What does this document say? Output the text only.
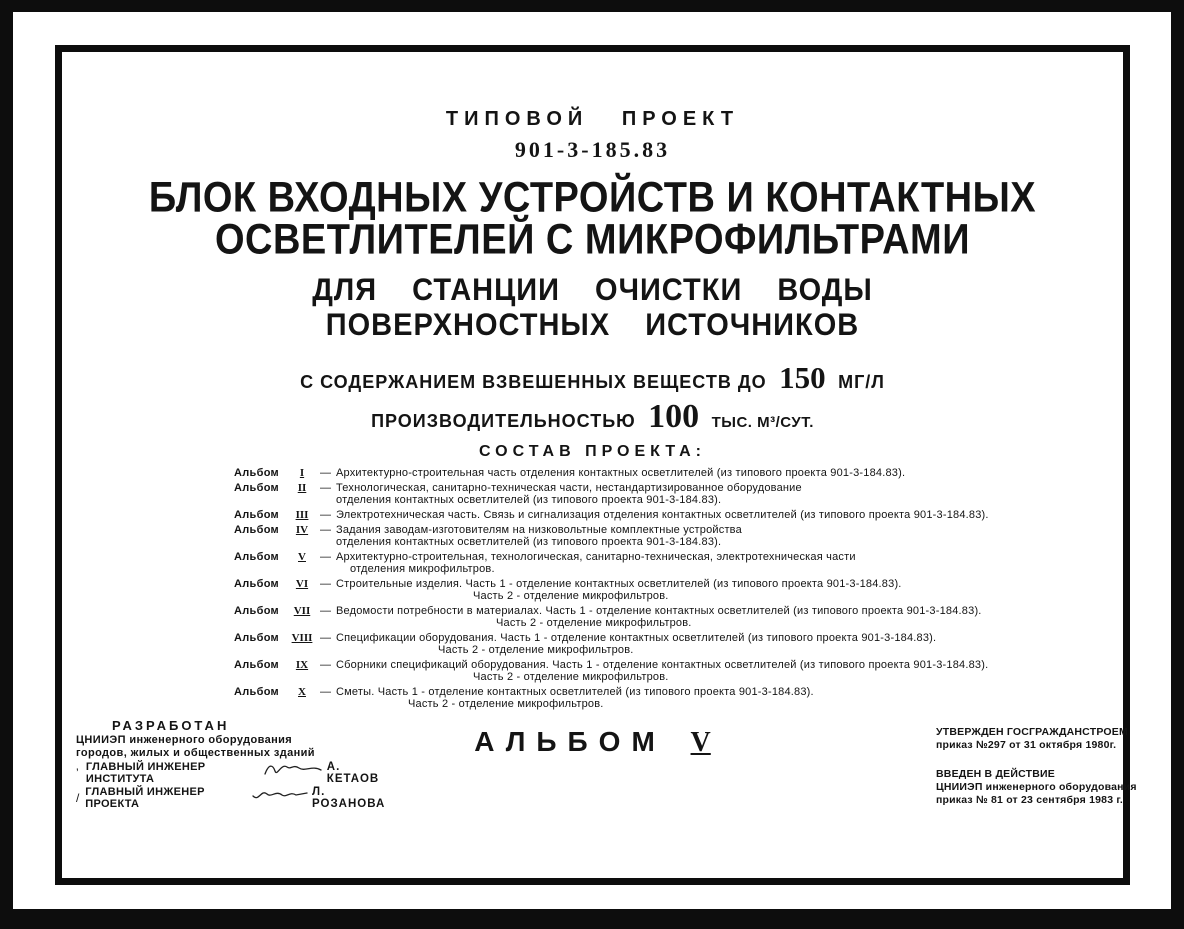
ТИПОВОЙ ПРОЕКТ
901-3-185.83
БЛОК ВХОДНЫХ УСТРОЙСТВ И КОНТАКТНЫХ
ОСВЕТЛИТЕЛЕЙ С МИКРОФИЛЬТРАМИ
ДЛЯ СТАНЦИИ ОЧИСТКИ ВОДЫ
ПОВЕРХНОСТНЫХ ИСТОЧНИКОВ
С СОДЕРЖАНИЕМ ВЗВЕШЕННЫХ ВЕЩЕСТВ ДО 150 МГ/Л
ПРОИЗВОДИТЕЛЬНОСТЬЮ 100 ТЫС. М³/СУТ.
СОСТАВ ПРОЕКТА:
Альбом	I	— Архитектурно-строительная часть отделения контактных осветлителей (из типового проекта 901-3-184.83).
Альбом	II	— Технологическая, санитарно-техническая части, нестандартизированное оборудование
отделения контактных осветлителей (из типового проекта 901-3-184.83).
Альбом	III	— Электротехническая часть. Связь и сигнализация отделения контактных осветлителей (из типового проекта 901-3-184.83).
Альбом	IV	— Задания заводам-изготовителям на низковольтные комплектные устройства
отделения контактных осветлителей (из типового проекта 901-3-184.83).
Альбом	V	— Архитектурно-строительная, технологическая, санитарно-техническая, электротехническая части
отделения микрофильтров.
Альбом	VI	— Строительные изделия. Часть 1 - отделение контактных осветлителей (из типового проекта 901-3-184.83).
Часть 2 - отделение микрофильтров.
Альбом	VII — Ведомости потребности в материалах. Часть 1 - отделение контактных осветлителей (из типового проекта 901-3-184.83).
Часть 2 - отделение микрофильтров.
Альбом	VIII — Спецификации оборудования. Часть 1 - отделение контактных осветлителей (из типового проекта 901-3-184.83).
Часть 2 - отделение микрофильтров.
Альбом	IX	— Сборники спецификаций оборудования. Часть 1 - отделение контактных осветлителей (из типового проекта 901-3-184.83).
Часть 2 - отделение микрофильтров.
Альбом	X	— Сметы. Часть 1 - отделение контактных осветлителей (из типового проекта 901-3-184.83).
Часть 2 - отделение микрофильтров.
АЛЬБОМ V
РАЗРАБОТАН
ЦНИИЭП инженерного оборудования
городов, жилых и общественных зданий
’ ГЛАВНЫЙ ИНЖЕНЕР ИНСТИТУТА
А. КЕТАОВ
/ ГЛАВНЫЙ ИНЖЕНЕР ПРОЕКТА
Л. РОЗАНОВА
УТВЕРЖДЕН ГОСГРАЖДАНСТРОЕМ
приказ №297 от 31 октября 1980г.
ВВЕДЕН В ДЕЙСТВИЕ
ЦНИИЭП инженерного оборудования
приказ № 81 от 23 сентября 1983 г.
